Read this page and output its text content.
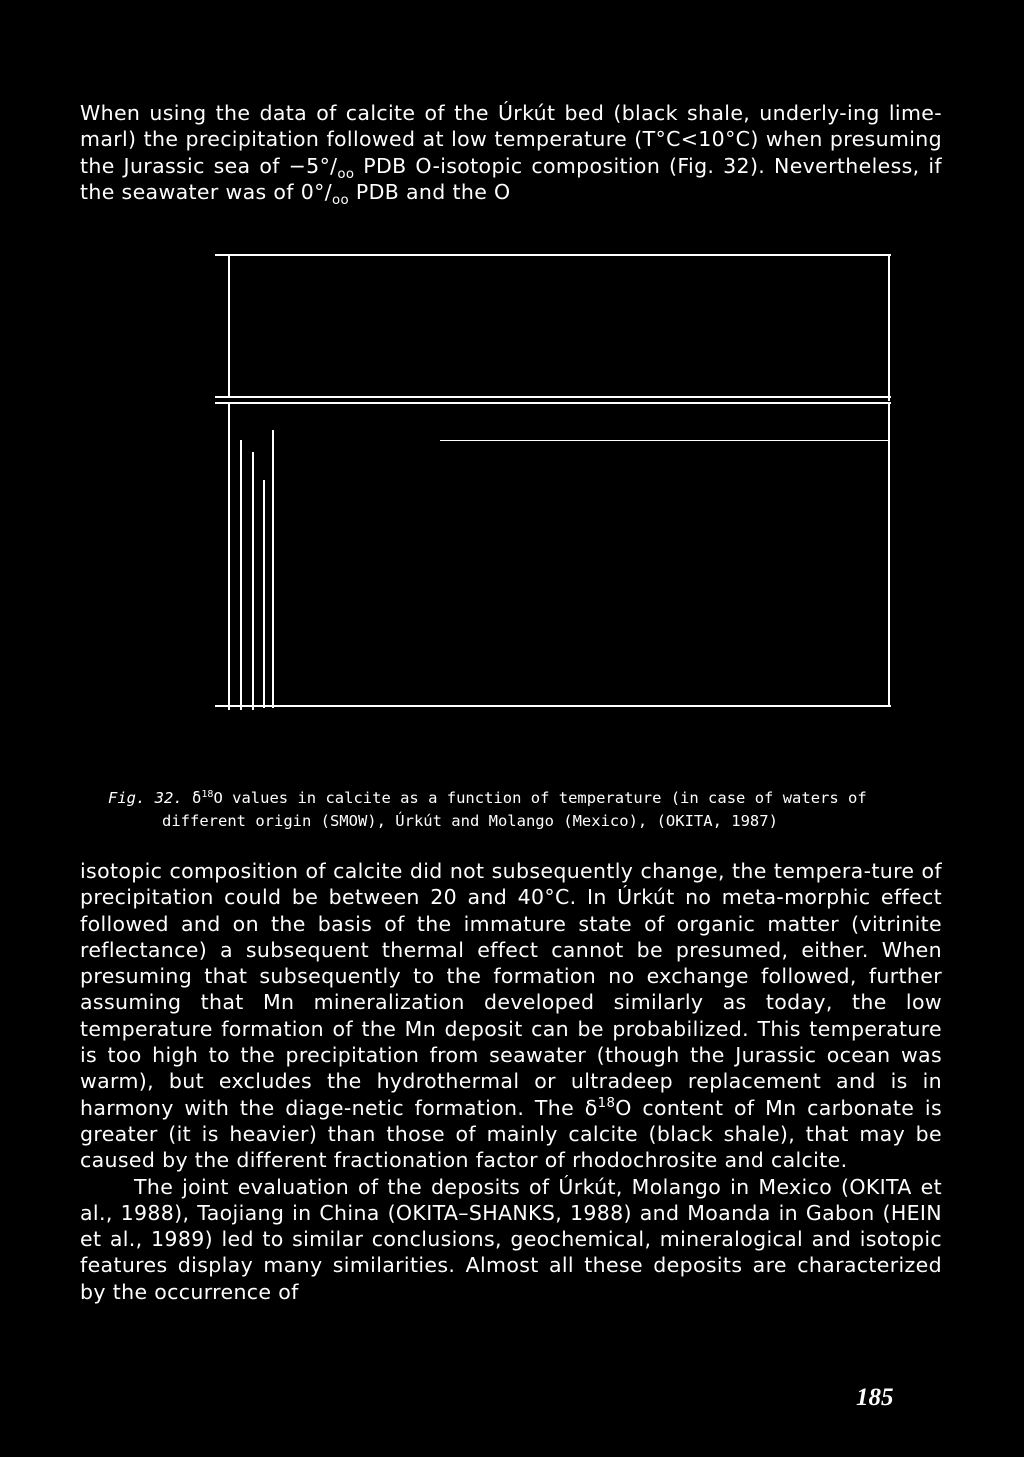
When using the data of calcite of the Úrkút bed (black shale, underly-ing lime-marl) the precipitation followed at low temperature (T°C<10°C) when presuming the Jurassic sea of $-5^\circ/_{oo}$ PDB O-isotopic composition (Fig. 32). Nevertheless, if the seawater was of $0^\circ/_{oo}$ PDB and the O

Fig. 32. $\delta^{18}O$ values in calcite as a function of temperature (in case of waters of
different origin (SMOW), Úrkút and Molango (Mexico), (OKITA, 1987)

isotopic composition of calcite did not subsequently change, the tempera-ture of precipitation could be between 20 and 40°C. In Úrkút no meta-morphic effect followed and on the basis of the immature state of organic matter (vitrinite reflectance) a subsequent thermal effect cannot be presumed, either. When presuming that subsequently to the formation no exchange followed, further assuming that Mn mineralization developed similarly as today, the low temperature formation of the Mn deposit can be probabilized. This temperature is too high to the precipitation from seawater (though the Jurassic ocean was warm), but excludes the hydrothermal or ultradeep replacement and is in harmony with the diage-netic formation. The $\delta^{18}O$ content of Mn carbonate is greater (it is heavier) than those of mainly calcite (black shale), that may be caused by the different fractionation factor of rhodochrosite and calcite.

The joint evaluation of the deposits of Úrkút, Molango in Mexico (OKITA et al., 1988), Taojiang in China (OKITA–SHANKS, 1988) and Moanda in Gabon (HEIN et al., 1989) led to similar conclusions, geochemical, mineralogical and isotopic features display many similarities. Almost all these deposits are characterized by the occurrence of

185
